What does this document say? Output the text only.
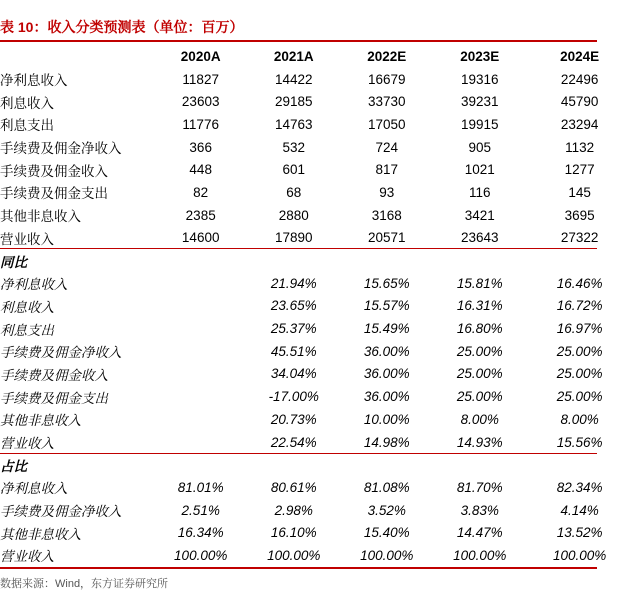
表 10：收入分类预测表（单位：百万）
	2020A	2021A	2022E	2023E	2024E
净利息收入	11827	14422	16679	19316	22496
利息收入	23603	29185	33730	39231	45790
利息支出	11776	14763	17050	19915	23294
手续费及佣金净收入	366	532	724	905	1132
手续费及佣金收入	448	601	817	1021	1277
手续费及佣金支出	82	68	93	116	145
其他非息收入	2385	2880	3168	3421	3695
营业收入	14600	17890	20571	23643	27322
同比					
净利息收入		21.94%	15.65%	15.81%	16.46%
利息收入		23.65%	15.57%	16.31%	16.72%
利息支出		25.37%	15.49%	16.80%	16.97%
手续费及佣金净收入		45.51%	36.00%	25.00%	25.00%
手续费及佣金收入		34.04%	36.00%	25.00%	25.00%
手续费及佣金支出		-17.00%	36.00%	25.00%	25.00%
其他非息收入		20.73%	10.00%	8.00%	8.00%
营业收入		22.54%	14.98%	14.93%	15.56%
占比					
净利息收入	81.01%	80.61%	81.08%	81.70%	82.34%
手续费及佣金净收入	2.51%	2.98%	3.52%	3.83%	4.14%
其他非息收入	16.34%	16.10%	15.40%	14.47%	13.52%
营业收入	100.00%	100.00%	100.00%	100.00%	100.00%
数据来源：Wind，东方证券研究所
